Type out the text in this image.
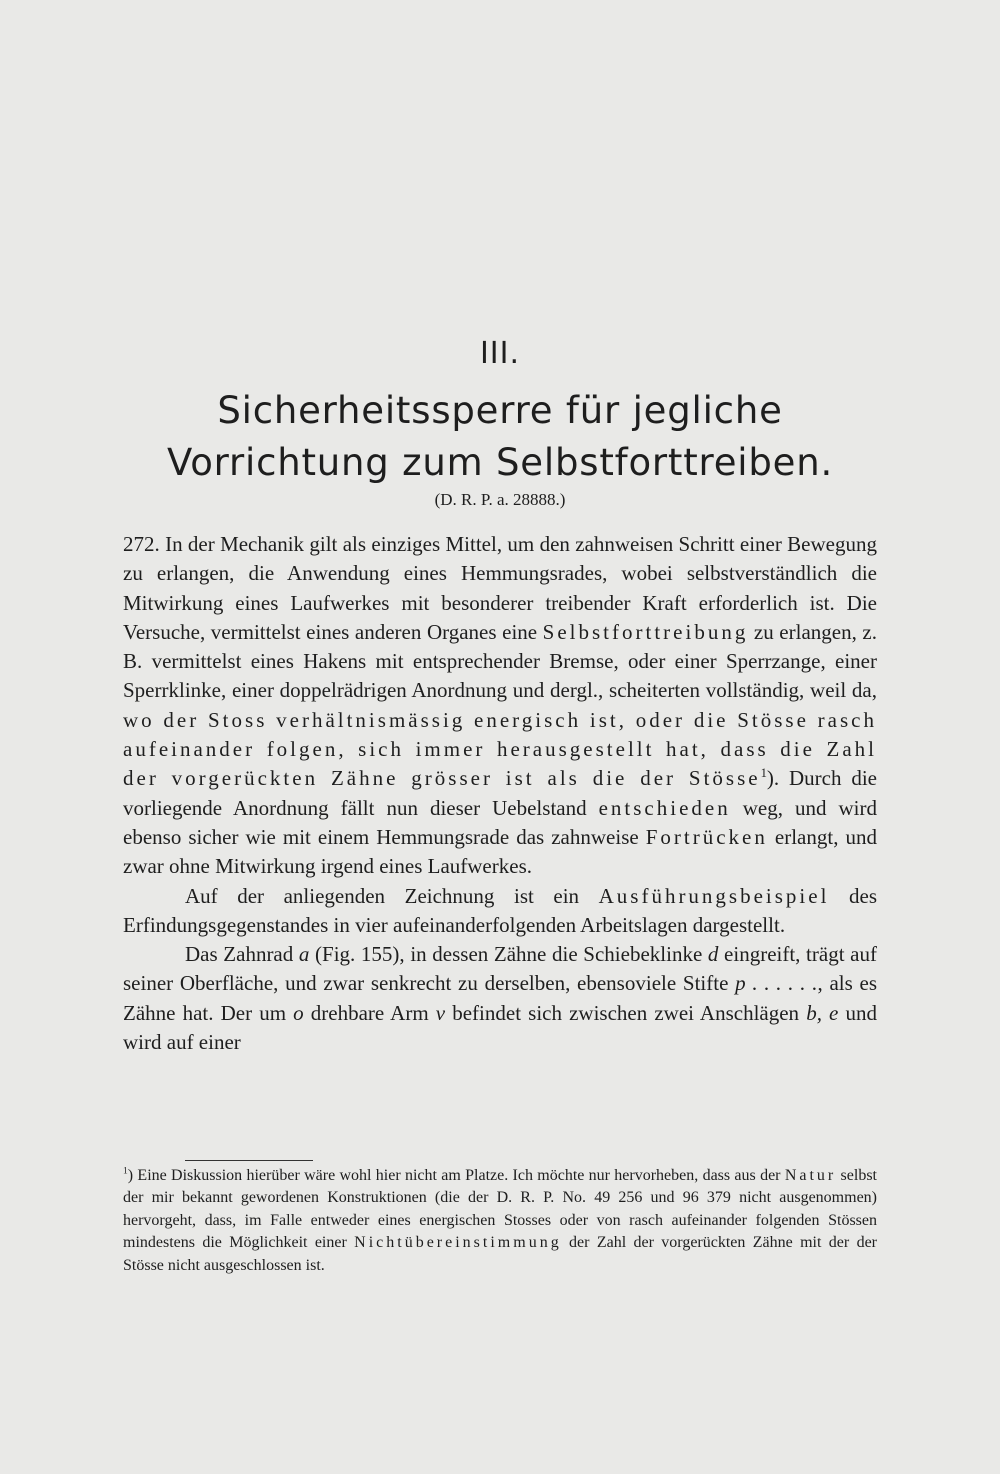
III.
Sicherheitssperre für jegliche
Vorrichtung zum Selbstforttreiben.
(D. R. P. a. 28888.)

272. In der Mechanik gilt als einziges Mittel, um den zahnweisen Schritt einer Bewegung zu erlangen, die Anwendung eines Hemmungsrades, wobei selbstverständlich die Mitwirkung eines Laufwerkes mit besonderer treibender Kraft erforderlich ist. Die Versuche, vermittelst eines anderen Organes eine Selbstforttreibung zu erlangen, z. B. vermittelst eines Hakens mit entsprechender Bremse, oder einer Sperrzange, einer Sperrklinke, einer doppelrädrigen Anordnung und dergl., scheiterten vollständig, weil da, wo der Stoss verhältnismässig energisch ist, oder die Stösse rasch aufeinander folgen, sich immer herausgestellt hat, dass die Zahl der vorgerückten Zähne grösser ist als die der Stösse$^1$). Durch die vorliegende Anordnung fällt nun dieser Uebelstand entschieden weg, und wird ebenso sicher wie mit einem Hemmungsrade das zahnweise Fortrücken erlangt, und zwar ohne Mitwirkung irgend eines Laufwerkes.

Auf der anliegenden Zeichnung ist ein Ausführungsbeispiel des Erfindungsgegenstandes in vier aufeinanderfolgenden Arbeitslagen dargestellt.

Das Zahnrad a (Fig. 155), in dessen Zähne die Schiebeklinke d eingreift, trägt auf seiner Oberfläche, und zwar senkrecht zu derselben, ebensoviele Stifte p . . . . . ., als es Zähne hat. Der um o drehbare Arm v befindet sich zwischen zwei Anschlägen b, e und wird auf einer

$^1$) Eine Diskussion hierüber wäre wohl hier nicht am Platze. Ich möchte nur hervorheben, dass aus der Natur selbst der mir bekannt gewordenen Konstruktionen (die der D. R. P. No. 49 256 und 96 379 nicht ausgenommen) hervorgeht, dass, im Falle entweder eines energischen Stosses oder von rasch aufeinander folgenden Stössen mindestens die Möglichkeit einer Nichtübereinstimmung der Zahl der vorgerückten Zähne mit der der Stösse nicht ausgeschlossen ist.
